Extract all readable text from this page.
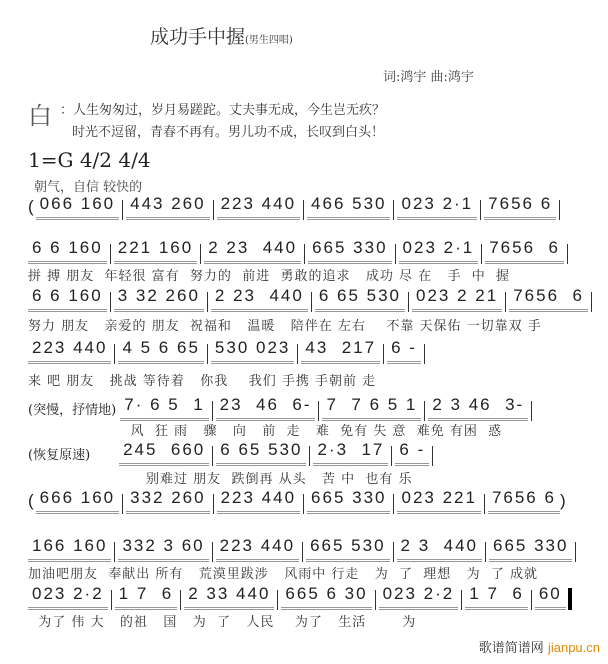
成功手中握(男生四唱)
词:鸿宇 曲:鸿宇
白 ：人生匆匆过，岁月易蹉跎。丈夫事无成，今生岂无疚？
时光不逗留，青春不再有。男儿功不成，长叹到白头！
1=G 4/2 4/4
朝气，自信 较快的
( 066 160 443 260 223 440 466 530 023 2·1 7656 6
6 6 160 221 160 2 23  440 665 330 023 2·1 7656  6
拼 搏 朋友  年轻很 富有  努力的  前进  勇敢的追求   成功 尽 在   手  中  握
6 6 160 3 32 260 2 23  440 6 65 530 023 2 21 7656  6
努力 朋友   亲爱的 朋友  祝福和   温暖   陪伴在 左右    不靠 天保佑 一切靠双 手
223 440 4 5 6 65 530 023 43  217 6 -
来 吧 朋友   挑战 等待着   你我    我们 手携 手朝前 走
(突慢，抒情地) 7· 6 5  1 23  46  6- 7  7 6 5 1 2 3 46  3-
风  狂 雨   骤   向   前  走   难  免有 失 意  难免 有困  惑
(恢复原速) 245  660 6 65 530 2·3  17 6 -
别难过 朋友  跌倒再 从头   苦 中  也有 乐
( 666 160 332 260 223 440 665 330 023 221 7656 6 )
166 160 332 3 60 223 440 665 530 2 3  440 665 330
加油吧朋友  奉献出 所有   荒漠里跋涉   风雨中 行走   为  了  理想   为  了 成就
023 2·2 1 7  6 2 33 440 665 6 30 023 2·2 1 7  6 60
为了 伟 大   的祖   国   为  了   人民    为了   生活       为
歌谱简谱网 jianpu.cn
